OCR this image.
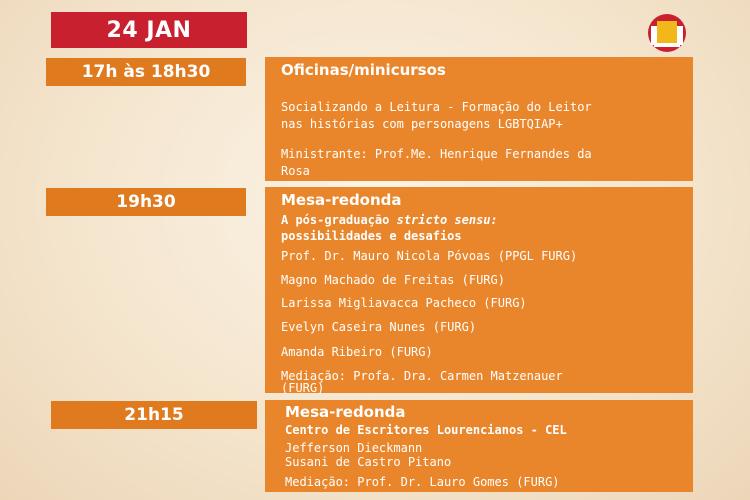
24 JAN
17h às 18h30	Oficinas/minicursos
Socializando a Leitura - Formação do Leitor
nas histórias com personagens LGBTQIAP+
Ministrante: Prof.Me. Henrique Fernandes da
Rosa
19h30	Mesa-redonda
A pós-graduação stricto sensu:
possibilidades e desafios
Prof. Dr. Mauro Nicola Póvoas (PPGL FURG)
Magno Machado de Freitas (FURG)
Larissa Migliavacca Pacheco (FURG)
Evelyn Caseira Nunes (FURG)
Amanda Ribeiro (FURG)
Mediação: Profa. Dra. Carmen Matzenauer
(FURG)
21h15	Mesa-redonda
Centro de Escritores Lourencianos - CEL
Jefferson Dieckmann
Susani de Castro Pitano
Mediação: Prof. Dr. Lauro Gomes (FURG)
